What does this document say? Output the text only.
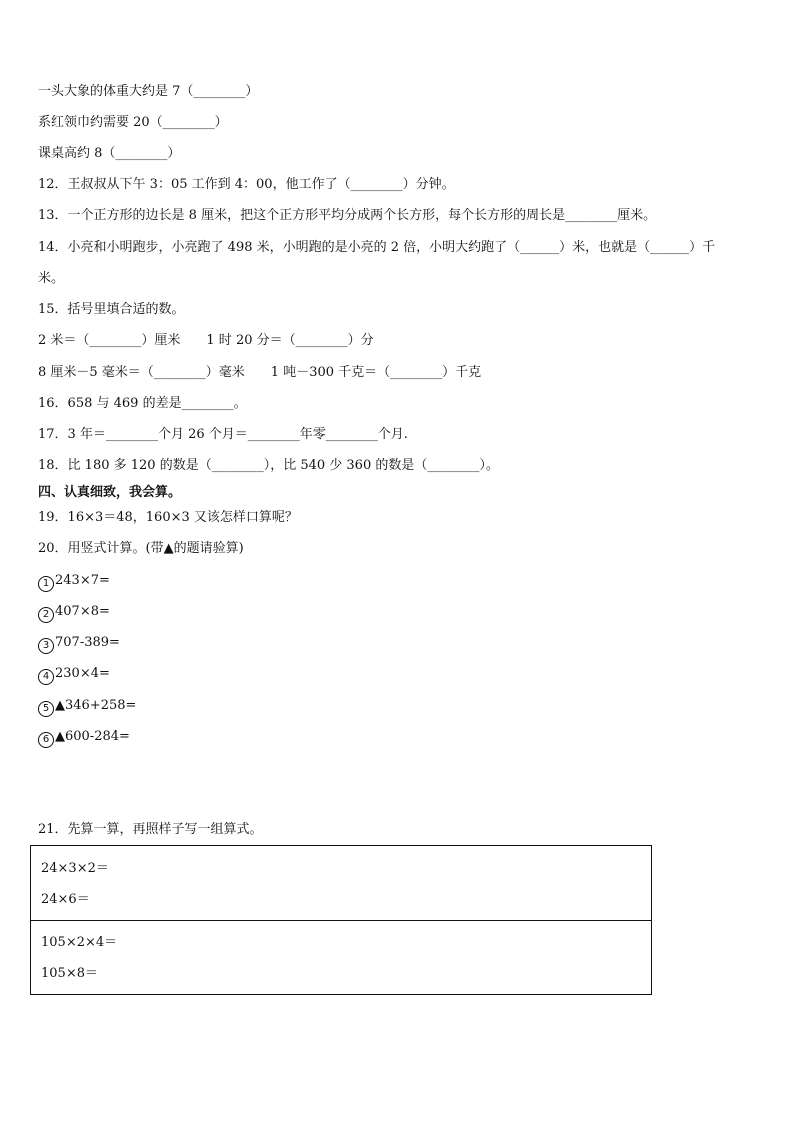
一头大象的体重大约是 7（________）
系红领巾约需要 20（________）
课桌高约 8（________）
12．王叔叔从下午 3：05 工作到 4：00，他工作了（________）分钟。
13．一个正方形的边长是 8 厘米，把这个正方形平均分成两个长方形，每个长方形的周长是________厘米。
14．小亮和小明跑步，小亮跑了 498 米，小明跑的是小亮的 2 倍，小明大约跑了（______）米，也就是（______）千
米。
15．括号里填合适的数。
2 米＝（________）厘米　　1 时 20 分＝（________）分
8 厘米－5 毫米＝（________）毫米　　1 吨－300 千克＝（________）千克
16．658 与 469 的差是________。
17．3 年＝________个月 26 个月＝________年零________个月.
18．比 180 多 120 的数是（________），比 540 少 360 的数是（________）。
四、认真细致，我会算。
19．16×3＝48，160×3 又该怎样口算呢？
20．用竖式计算。(带▲的题请验算)
1 243×7=
2 407×8=
3 707-389=
4 230×4=
5 ▲346+258=
6 ▲600-284=
21．先算一算，再照样子写一组算式。
24×3×2＝
24×6＝
105×2×4＝
105×8＝
